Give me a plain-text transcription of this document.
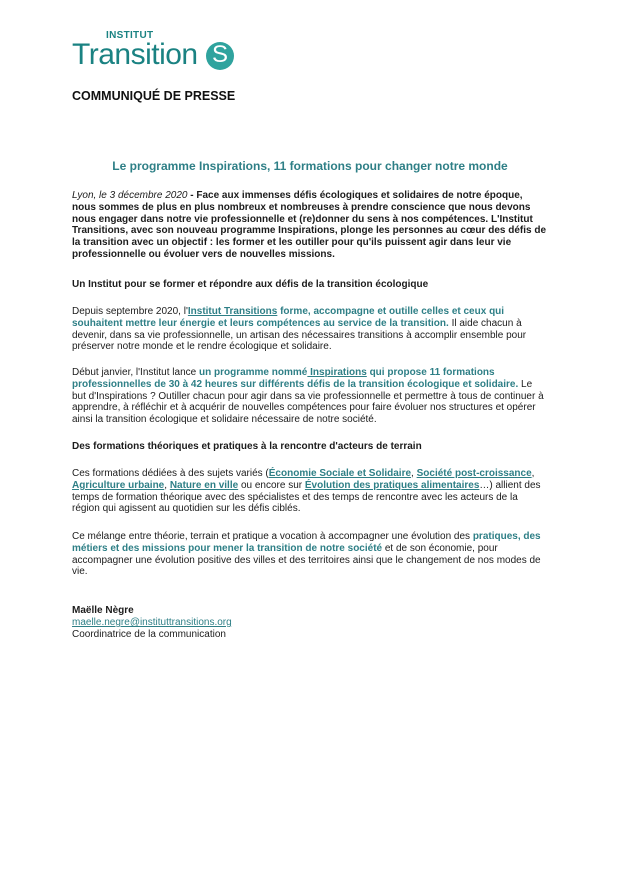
INSTITUT
Transition S
COMMUNIQUÉ DE PRESSE
Le programme Inspirations, 11 formations pour changer notre monde

Lyon, le 3 décembre 2020 - Face aux immenses défis écologiques et solidaires de notre époque, nous sommes de plus en plus nombreux et nombreuses à prendre conscience que nous devons nous engager dans notre vie professionnelle et (re)donner du sens à nos compétences. L'Institut Transitions, avec son nouveau programme Inspirations, plonge les personnes au cœur des défis de la transition avec un objectif : les former et les outiller pour qu'ils puissent agir dans leur vie professionnelle ou évoluer vers de nouvelles missions.

Un Institut pour se former et répondre aux défis de la transition écologique

Depuis septembre 2020, l'Institut Transitions forme, accompagne et outille celles et ceux qui souhaitent mettre leur énergie et leurs compétences au service de la transition. Il aide chacun à devenir, dans sa vie professionnelle, un artisan des nécessaires transitions à accomplir ensemble pour préserver notre monde et le rendre écologique et solidaire.

Début janvier, l'Institut lance un programme nommé Inspirations qui propose 11 formations professionnelles de 30 à 42 heures sur différents défis de la transition écologique et solidaire. Le but d'Inspirations ? Outiller chacun pour agir dans sa vie professionnelle et permettre à tous de continuer à apprendre, à réfléchir et à acquérir de nouvelles compétences pour faire évoluer nos structures et opérer ainsi la transition écologique et solidaire nécessaire de notre société.

Des formations théoriques et pratiques à la rencontre d'acteurs de terrain

Ces formations dédiées à des sujets variés (Économie Sociale et Solidaire, Société post-croissance, Agriculture urbaine, Nature en ville ou encore sur Évolution des pratiques alimentaires…) allient des temps de formation théorique avec des spécialistes et des temps de rencontre avec les acteurs de la région qui agissent au quotidien sur les défis ciblés.

Ce mélange entre théorie, terrain et pratique a vocation à accompagner une évolution des pratiques, des métiers et des missions pour mener la transition de notre société et de son économie, pour accompagner une évolution positive des villes et des territoires ainsi que le changement de nos modes de vie.

Maëlle Nègre
maelle.negre@instituttransitions.org
Coordinatrice de la communication
